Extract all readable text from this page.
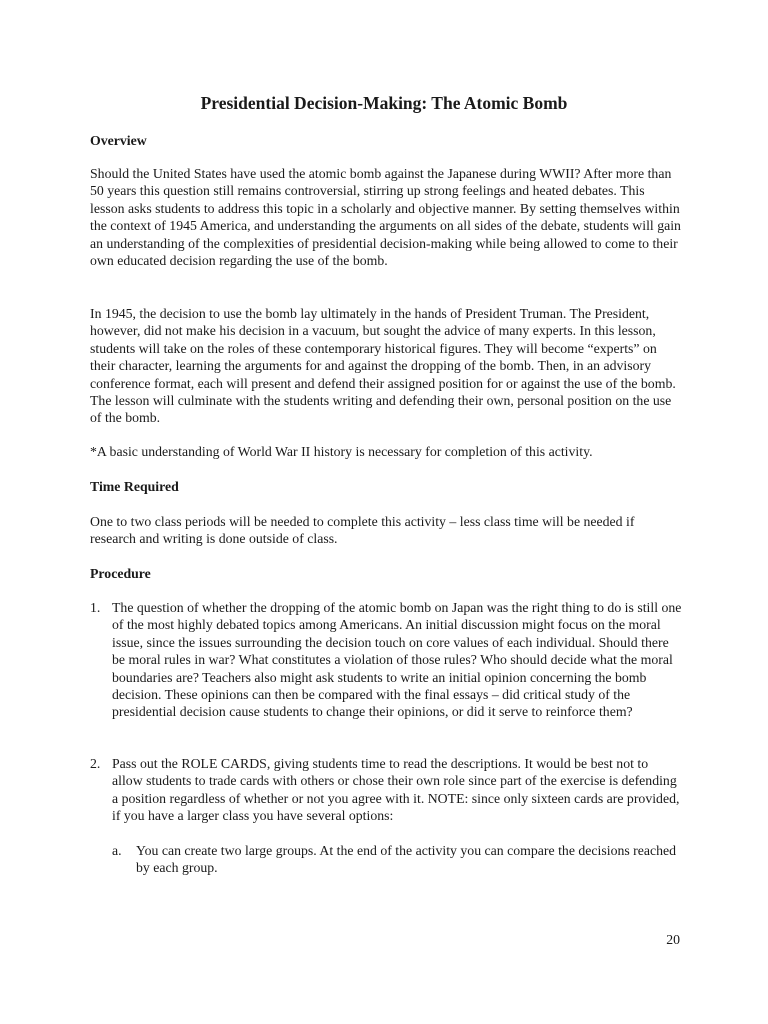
Presidential Decision-Making: The Atomic Bomb
Overview

Should the United States have used the atomic bomb against the Japanese during WWII? After more than 50 years this question still remains controversial, stirring up strong feelings and heated debates. This lesson asks students to address this topic in a scholarly and objective manner. By setting themselves within the context of 1945 America, and understanding the arguments on all sides of the debate, students will gain an understanding of the complexities of presidential decision-making while being allowed to come to their own educated decision regarding the use of the bomb.

In 1945, the decision to use the bomb lay ultimately in the hands of President Truman. The President, however, did not make his decision in a vacuum, but sought the advice of many experts. In this lesson, students will take on the roles of these contemporary historical figures. They will become “experts” on their character, learning the arguments for and against the dropping of the bomb. Then, in an advisory conference format, each will present and defend their assigned position for or against the use of the bomb. The lesson will culminate with the students writing and defending their own, personal position on the use of the bomb.

*A basic understanding of World War II history is necessary for completion of this activity.

Time Required

One to two class periods will be needed to complete this activity – less class time will be needed if research and writing is done outside of class.

Procedure
1. The question of whether the dropping of the atomic bomb on Japan was the right thing to do is still one of the most highly debated topics among Americans. An initial discussion might focus on the moral issue, since the issues surrounding the decision touch on core values of each individual. Should there be moral rules in war? What constitutes a violation of those rules? Who should decide what the moral boundaries are? Teachers also might ask students to write an initial opinion concerning the bomb decision. These opinions can then be compared with the final essays – did critical study of the presidential decision cause students to change their opinions, or did it serve to reinforce them?

2. Pass out the ROLE CARDS, giving students time to read the descriptions. It would be best not to allow students to trade cards with others or chose their own role since part of the exercise is defending a position regardless of whether or not you agree with it. NOTE: since only sixteen cards are provided, if you have a larger class you have several options:

a. You can create two large groups. At the end of the activity you can compare the decisions reached by each group.

20
